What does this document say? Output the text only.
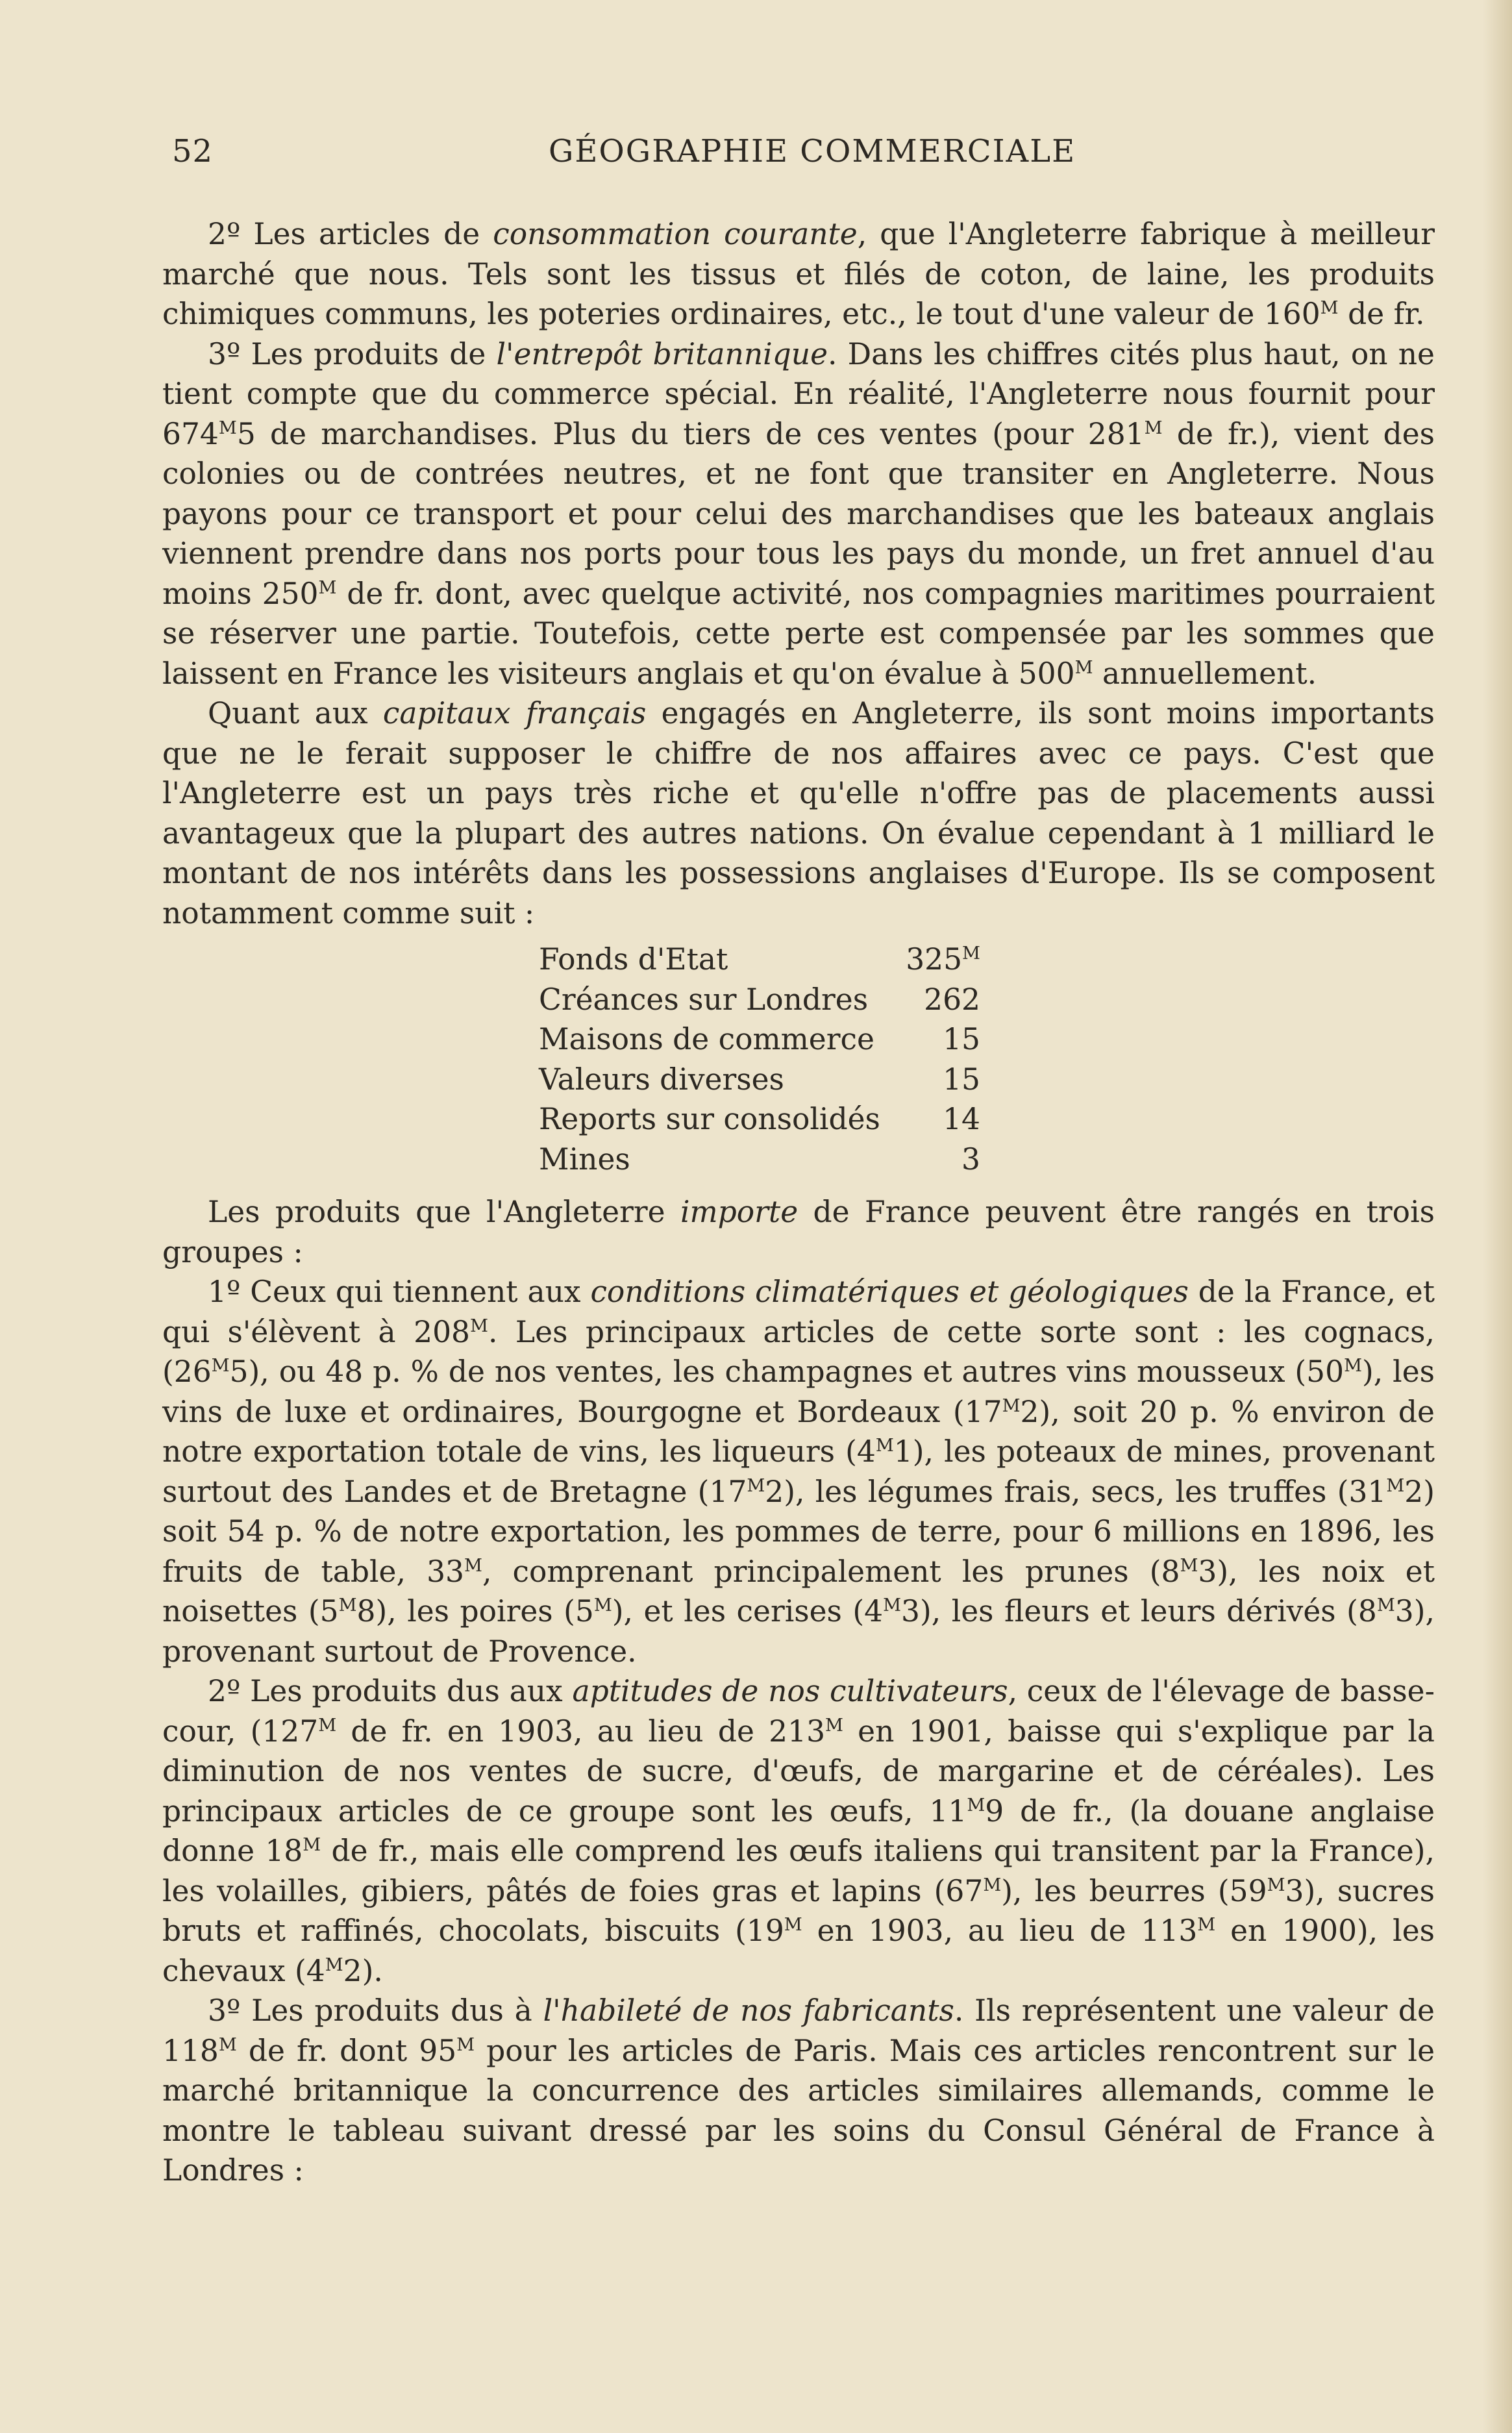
52	GÉOGRAPHIE COMMERCIALE

2º Les articles de consommation courante, que l'Angleterre fabrique à meilleur marché que nous. Tels sont les tissus et filés de coton, de laine, les produits chimiques communs, les poteries ordinaires, etc., le tout d'une valeur de $160^M$ de fr.

3º Les produits de l'entrepôt britannique. Dans les chiffres cités plus haut, on ne tient compte que du commerce spécial. En réalité, l'Angleterre nous fournit pour $674^M5$ de marchandises. Plus du tiers de ces ventes (pour $281^M$ de fr.), vient des colonies ou de contrées neutres, et ne font que transiter en Angleterre. Nous payons pour ce transport et pour celui des marchandises que les bateaux anglais viennent prendre dans nos ports pour tous les pays du monde, un fret annuel d'au moins $250^M$ de fr. dont, avec quelque activité, nos compagnies maritimes pourraient se réserver une partie. Toutefois, cette perte est compensée par les sommes que laissent en France les visiteurs anglais et qu'on évalue à $500^M$ annuellement.

Quant aux capitaux français engagés en Angleterre, ils sont moins importants que ne le ferait supposer le chiffre de nos affaires avec ce pays. C'est que l'Angleterre est un pays très riche et qu'elle n'offre pas de placements aussi avantageux que la plupart des autres nations. On évalue cependant à 1 milliard le montant de nos intérêts dans les possessions anglaises d'Europe. Ils se composent notamment comme suit :

Fonds d'Etat	$325^M$
Créances sur Londres	262
Maisons de commerce	15
Valeurs diverses	15
Reports sur consolidés	14
Mines	3

Les produits que l'Angleterre importe de France peuvent être rangés en trois groupes :

1º Ceux qui tiennent aux conditions climatériques et géologiques de la France, et qui s'élèvent à $208^M$. Les principaux articles de cette sorte sont : les cognacs, $(26^M5)$, ou 48 p. % de nos ventes, les champagnes et autres vins mousseux $(50^M)$, les vins de luxe et ordinaires, Bourgogne et Bordeaux $(17^M2)$, soit 20 p. % environ de notre exportation totale de vins, les liqueurs $(4^M1)$, les poteaux de mines, provenant surtout des Landes et de Bretagne $(17^M2)$, les légumes frais, secs, les truffes $(31^M2)$ soit 54 p. % de notre exportation, les pommes de terre, pour 6 millions en 1896, les fruits de table, $33^M$, comprenant principalement les prunes $(8^M3)$, les noix et noisettes $(5^M8)$, les poires $(5^M)$, et les cerises $(4^M3)$, les fleurs et leurs dérivés $(8^M3)$, provenant surtout de Provence.

2º Les produits dus aux aptitudes de nos cultivateurs, ceux de l'élevage de basse-cour, ($127^M$ de fr. en 1903, au lieu de $213^M$ en 1901, baisse qui s'explique par la diminution de nos ventes de sucre, d'œufs, de margarine et de céréales). Les principaux articles de ce groupe sont les œufs, $11^M9$ de fr., (la douane anglaise donne $18^M$ de fr., mais elle comprend les œufs italiens qui transitent par la France), les volailles, gibiers, pâtés de foies gras et lapins $(67^M)$, les beurres $(59^M3)$, sucres bruts et raffinés, chocolats, biscuits ($19^M$ en 1903, au lieu de $113^M$ en 1900), les chevaux $(4^M2)$.

3º Les produits dus à l'habileté de nos fabricants. Ils représentent une valeur de $118^M$ de fr. dont $95^M$ pour les articles de Paris. Mais ces articles rencontrent sur le marché britannique la concurrence des articles similaires allemands, comme le montre le tableau suivant dressé par les soins du Consul Général de France à Londres :
